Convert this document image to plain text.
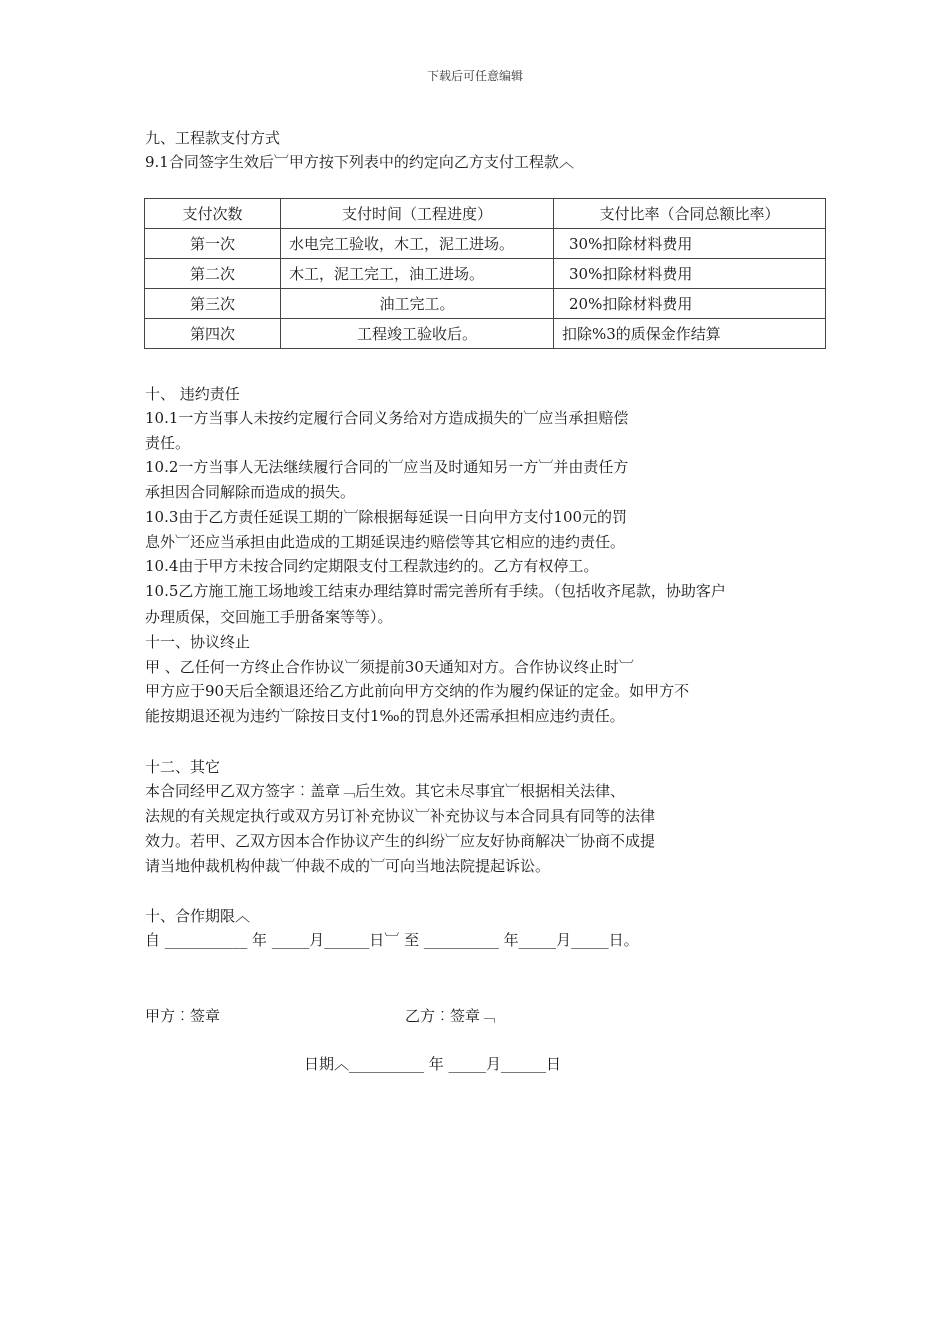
下载后可任意编辑
九、工程款支付方式
9.1合同签字生效后︺甲方按下列表中的约定向乙方支付工程款︿
支付次数	支付时间（工程进度）	支付比率（合同总额比率）
第一次	水电完工验收，木工，泥工进场。	30%扣除材料费用
第二次	木工，泥工完工，油工进场。	30%扣除材料费用
第三次	油工完工。	20%扣除材料费用
第四次	工程竣工验收后。	扣除%3的质保金作结算
十、 违约责任
10.1一方当事人未按约定履行合同义务给对方造成损失的︺应当承担赔偿
责任。
10.2一方当事人无法继续履行合同的︺应当及时通知另一方︺并由责任方
承担因合同解除而造成的损失。
10.3由于乙方责任延误工期的︺除根据每延误一日向甲方支付100元的罚
息外︺还应当承担由此造成的工期延误违约赔偿等其它相应的违约责任。
10.4由于甲方未按合同约定期限支付工程款违约的。乙方有权停工。
10.5乙方施工施工场地竣工结束办理结算时需完善所有手续。（包括收齐尾款，协助客户
办理质保，交回施工手册备案等等）。
十一、协议终止
甲 、乙任何一方终止合作协议︺须提前30天通知对方。合作协议终止时︺
甲方应于90天后全额退还给乙方此前向甲方交纳的作为履约保证的定金。如甲方不
能按期退还视为违约︺除按日支付1‰的罚息外还需承担相应违约责任。
十二、其它
本合同经甲乙双方签字︰盖章﹁后生效。其它未尽事宜︺根据相关法律、
法规的有关规定执行或双方另订补充协议︺补充协议与本合同具有同等的法律
效力。若甲、乙双方因本合作协议产生的纠纷︺应友好协商解决︺协商不成提
请当地仲裁机构仲裁︺仲裁不成的︺可向当地法院提起诉讼。
十、合作期限︿
自 ___________ 年 _____月______日︺ 至 __________ 年_____月_____日。
甲方︰签章	乙方︰签章﹁
日期︿__________ 年 _____月______日
